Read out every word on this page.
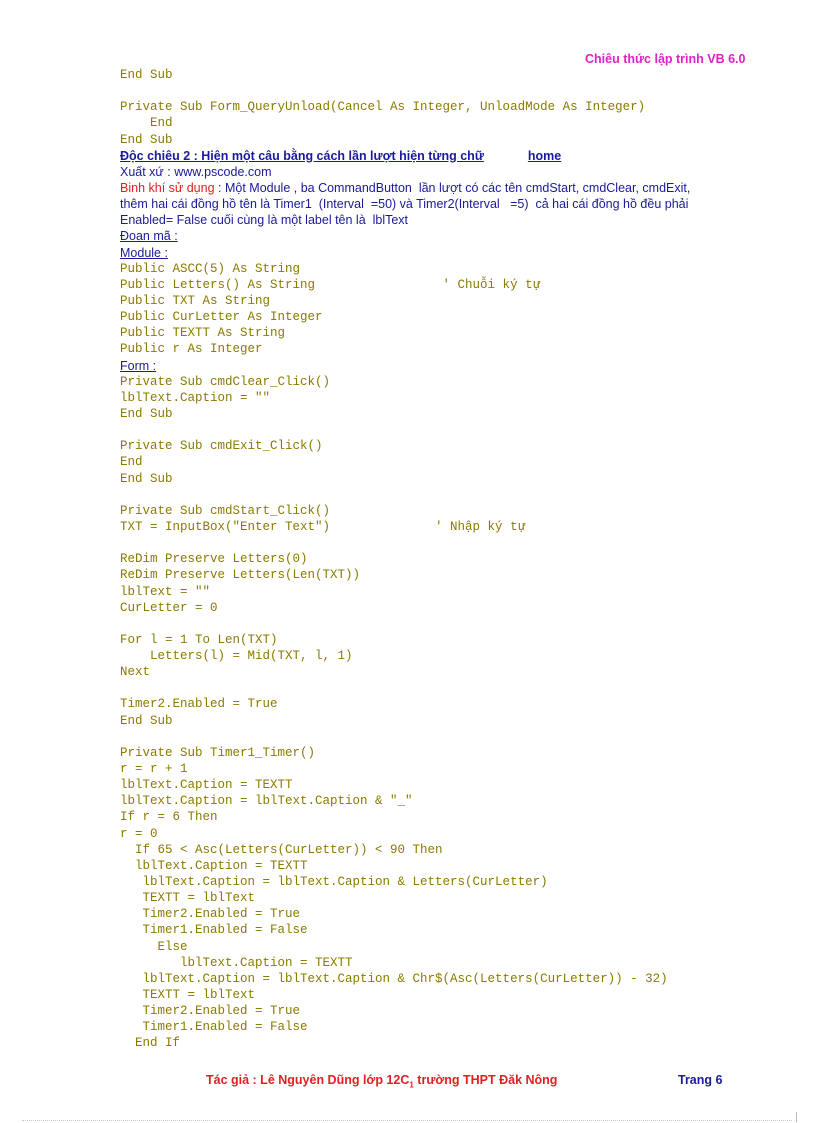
Chiêu thức lập trình VB 6.0
End Sub
Private Sub Form_QueryUnload(Cancel As Integer, UnloadMode As Integer)
End
End Sub
Độc chiêu 2 : Hiện một câu bằng cách lần lượt hiện từng chữ	home
Xuất xứ : www.pscode.com
Binh khí sử dụng : Một Module , ba CommandButton  lần lượt có các tên cmdStart, cmdClear, cmdExit,
thêm hai cái đồng hồ tên là Timer1  (Interval  =50) và Timer2(Interval   =5)  cả hai cái đồng hồ đều phải
Enabled= False cuối cùng là một label tên là  lblText
Đoạn mã :
Module :
Public ASCC(5) As String
Public Letters() As String                 ' Chuỗi ký tự
Public TXT As String
Public CurLetter As Integer
Public TEXTT As String
Public r As Integer
Form :
Private Sub cmdClear_Click()
lblText.Caption = ""
End Sub
Private Sub cmdExit_Click()
End
End Sub
Private Sub cmdStart_Click()
TXT = InputBox("Enter Text")              ' Nhập ký tự
ReDim Preserve Letters(0)
ReDim Preserve Letters(Len(TXT))
lblText = ""
CurLetter = 0
For l = 1 To Len(TXT)
Letters(l) = Mid(TXT, l, 1)
Next
Timer2.Enabled = True
End Sub
Private Sub Timer1_Timer()
r = r + 1
lblText.Caption = TEXTT
lblText.Caption = lblText.Caption & "_"
If r = 6 Then
r = 0
If 65 < Asc(Letters(CurLetter)) < 90 Then
lblText.Caption = TEXTT
lblText.Caption = lblText.Caption & Letters(CurLetter)
TEXTT = lblText
Timer2.Enabled = True
Timer1.Enabled = False
Else
lblText.Caption = TEXTT
lblText.Caption = lblText.Caption & Chr$(Asc(Letters(CurLetter)) - 32)
TEXTT = lblText
Timer2.Enabled = True
Timer1.Enabled = False
End If
Tác giả : Lê Nguyên Dũng lớp $12C_1$ trường THPT Đăk Nông	Trang 6
